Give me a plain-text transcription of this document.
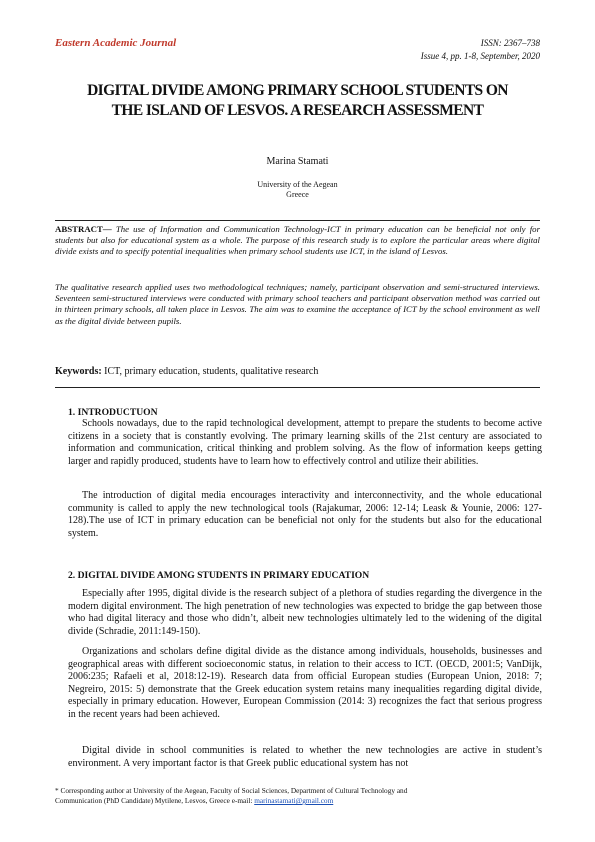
Eastern Academic Journal	ISSN: 2367–738
Issue 4, pp. 1-8, September, 2020
DIGITAL DIVIDE AMONG PRIMARY SCHOOL STUDENTS ON
THE ISLAND OF LESVOS. A RESEARCH ASSESSMENT
Marina Stamati
University of the Aegean
Greece
ABSTRACT— The use of Information and Communication Technology-ICT in primary education can be beneficial not only for students but also for educational system as a whole. The purpose of this research study is to explore the particular areas where digital divide exists and to specify potential inequalities when primary school students use ICT, in the island of Lesvos.
The qualitative research applied uses two methodological techniques; namely, participant observation and semi-structured interviews. Seventeen semi-structured interviews were conducted with primary school teachers and participant observation method was carried out in thirteen primary schools, all taken place in Lesvos. The aim was to examine the acceptance of ICT by the school environment as well as the digital divide between pupils.
Keywords: ICT, primary education, students, qualitative research
1. INTRODUCTUON
Schools nowadays, due to the rapid technological development, attempt to prepare the students to become active citizens in a society that is constantly evolving. The primary learning skills of the 21st century are associated to information and communication, critical thinking and problem solving. As the flow of information keeps getting larger and rapidly produced, students have to learn how to effectively control and utilize their abilities.
The introduction of digital media encourages interactivity and interconnectivity, and the whole educational community is called to apply the new technological tools (Rajakumar, 2006: 12-14; Leask & Younie, 2006: 127-128).The use of ICT in primary education can be beneficial not only for the students but also for the educational system.
2. DIGITAL DIVIDE AMONG STUDENTS IN PRIMARY EDUCATION
Especially after 1995, digital divide is the research subject of a plethora of studies regarding the divergence in the modern digital environment. The high penetration of new technologies was expected to bridge the gap between those who had digital literacy and those who didn’t, albeit new technologies ultimately led to the widening of the digital divide (Schradie, 2011:149-150).
Organizations and scholars define digital divide as the distance among individuals, households, businesses and geographical areas with different socioeconomic status, in relation to their access to ICT. (OECD, 2001:5; VanDijk, 2006:235; Rafaeli et al, 2018:12-19). Research data from official European studies (European Union, 2018: 7; Negreiro, 2015: 5) demonstrate that the Greek education system retains many inequalities regarding digital divide, especially in primary education. However, European Commission (2014: 3) recognizes the fact that serious progress in the recent years had been achieved.
Digital divide in school communities is related to whether the new technologies are active in student’s environment. A very important factor is that Greek public educational system has not
* Corresponding author at University of the Aegean, Faculty of Social Sciences, Department of Cultural Technology and
Communication (PhD Candidate) Mytilene, Lesvos, Greece e-mail: marinastamati@gmail.com
